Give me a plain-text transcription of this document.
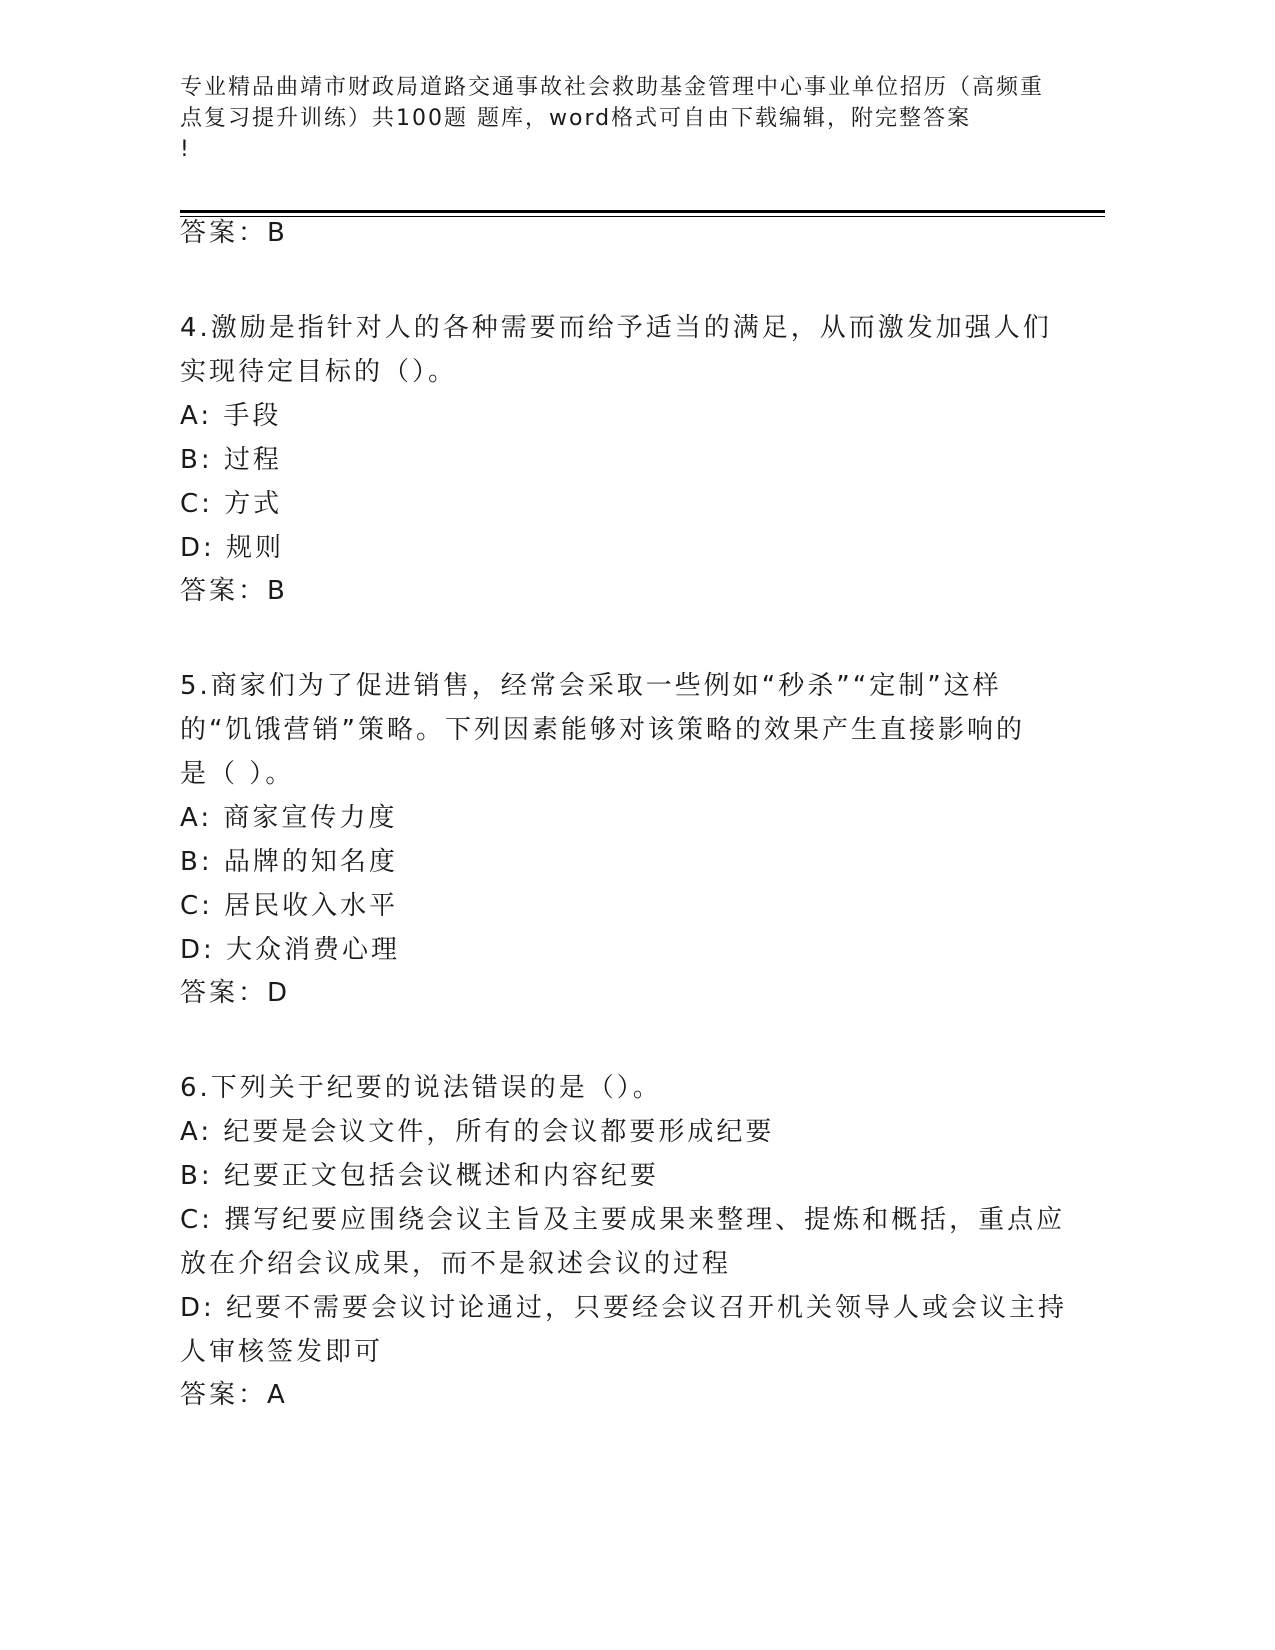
专业精品曲靖市财政局道路交通事故社会救助基金管理中心事业单位招历（高频重
点复习提升训练）共100题 题库，word格式可自由下载编辑，附完整答案
!

答案：B

4.激励是指针对人的各种需要而给予适当的满足，从而激发加强人们
实现待定目标的（）。
A: 手段
B: 过程
C: 方式
D: 规则

答案：B

5.商家们为了促进销售，经常会采取一些例如“秒杀”“定制”这样
的“饥饿营销”策略。下列因素能够对该策略的效果产生直接影响的
是（ ）。
A: 商家宣传力度
B: 品牌的知名度
C: 居民收入水平
D: 大众消费心理

答案：D

6.下列关于纪要的说法错误的是（）。
A: 纪要是会议文件，所有的会议都要形成纪要
B: 纪要正文包括会议概述和内容纪要
C: 撰写纪要应围绕会议主旨及主要成果来整理、提炼和概括，重点应
放在介绍会议成果，而不是叙述会议的过程
D: 纪要不需要会议讨论通过，只要经会议召开机关领导人或会议主持
人审核签发即可

答案：A
